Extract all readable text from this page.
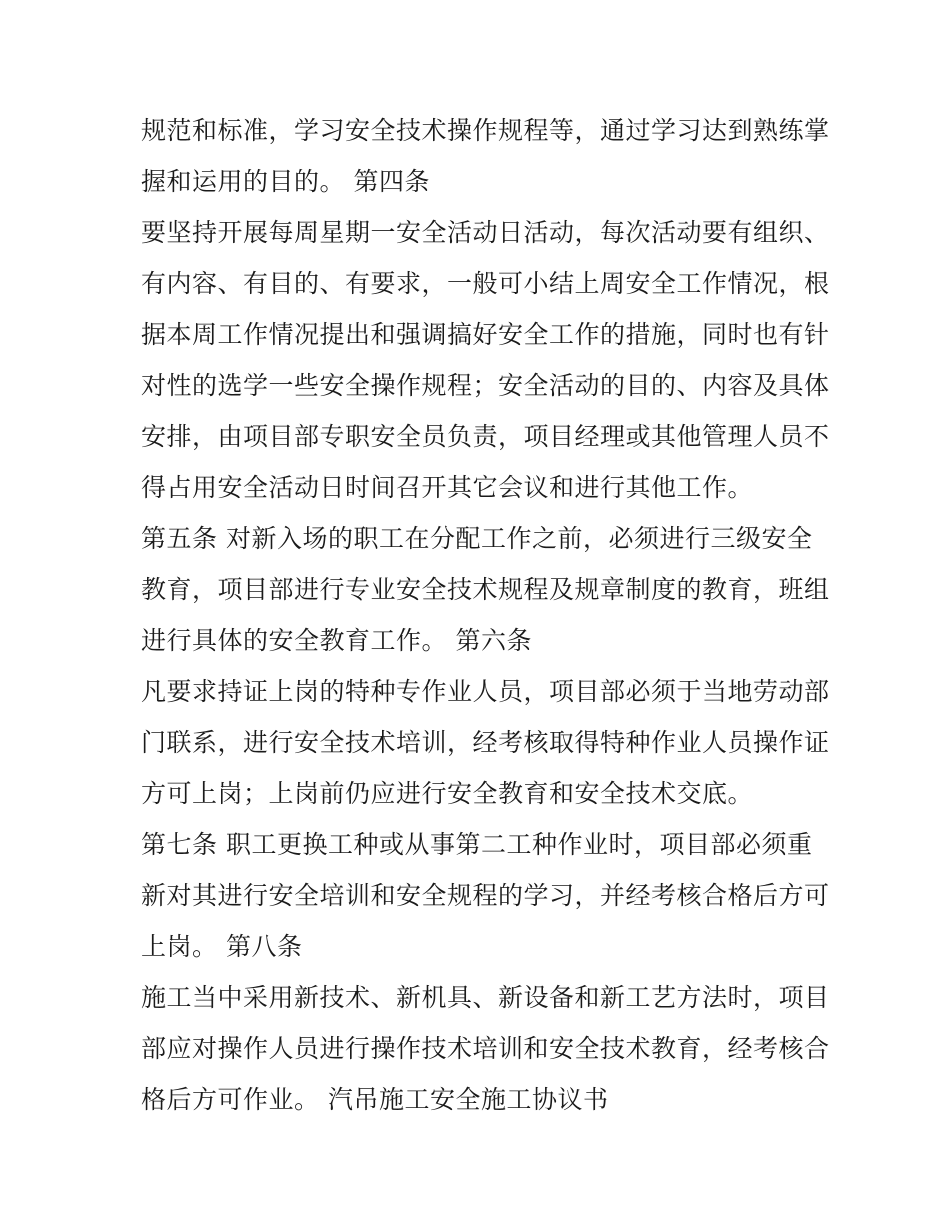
规范和标准，学习安全技术操作规程等，通过学习达到熟练掌
握和运用的目的。 第四条
要坚持开展每周星期一安全活动日活动，每次活动要有组织、
有内容、有目的、有要求，一般可小结上周安全工作情况，根
据本周工作情况提出和强调搞好安全工作的措施，同时也有针
对性的选学一些安全操作规程；安全活动的目的、内容及具体
安排，由项目部专职安全员负责，项目经理或其他管理人员不
得占用安全活动日时间召开其它会议和进行其他工作。
第五条 对新入场的职工在分配工作之前，必须进行三级安全
教育，项目部进行专业安全技术规程及规章制度的教育，班组
进行具体的安全教育工作。 第六条
凡要求持证上岗的特种专作业人员，项目部必须于当地劳动部
门联系，进行安全技术培训，经考核取得特种作业人员操作证
方可上岗；上岗前仍应进行安全教育和安全技术交底。
第七条 职工更换工种或从事第二工种作业时，项目部必须重
新对其进行安全培训和安全规程的学习，并经考核合格后方可
上岗。 第八条
施工当中采用新技术、新机具、新设备和新工艺方法时，项目
部应对操作人员进行操作技术培训和安全技术教育，经考核合
格后方可作业。 汽吊施工安全施工协议书
